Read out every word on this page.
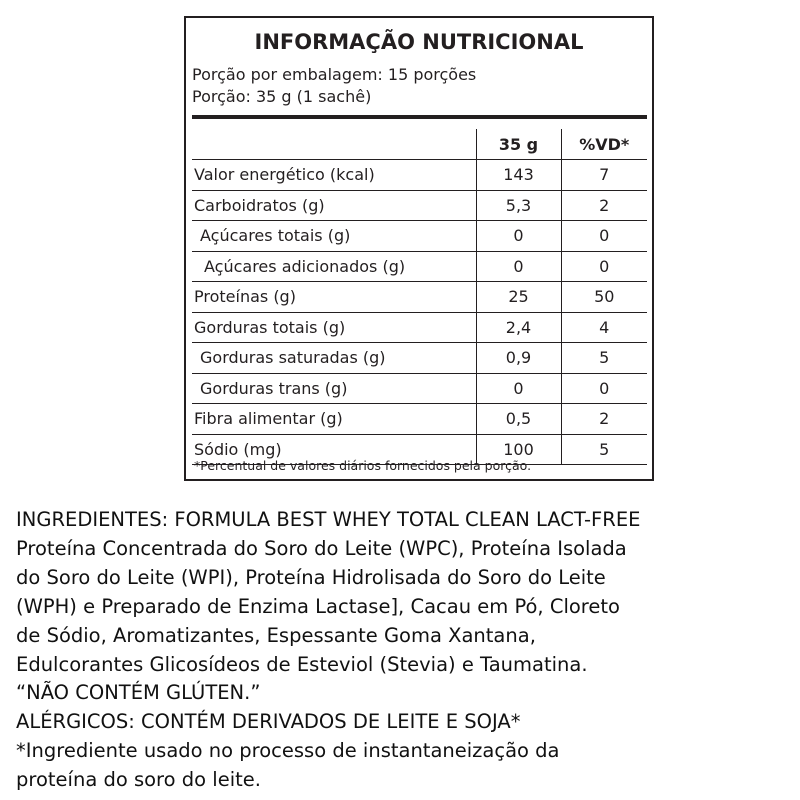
INFORMAÇÃO NUTRICIONAL
Porção por embalagem: 15 porções
Porção: 35 g (1 sachê)
	35 g	%VD*
Valor energético (kcal)	143	7
Carboidratos (g)	5,3	2
Açúcares totais (g)	0	0
Açúcares adicionados (g)	0	0
Proteínas (g)	25	50
Gorduras totais (g)	2,4	4
Gorduras saturadas (g)	0,9	5
Gorduras trans (g)	0	0
Fibra alimentar (g)	0,5	2
Sódio (mg)	100	5
*Percentual de valores diários fornecidos pela porção.
INGREDIENTES: FORMULA BEST WHEY TOTAL CLEAN LACT-FREE
Proteína Concentrada do Soro do Leite (WPC), Proteína Isolada
do Soro do Leite (WPI), Proteína Hidrolisada do Soro do Leite
(WPH) e Preparado de Enzima Lactase], Cacau em Pó, Cloreto
de Sódio, Aromatizantes, Espessante Goma Xantana,
Edulcorantes Glicosídeos de Esteviol (Stevia) e Taumatina.
“NÃO CONTÉM GLÚTEN.”
ALÉRGICOS: CONTÉM DERIVADOS DE LEITE E SOJA*
*Ingrediente usado no processo de instantaneização da
proteína do soro do leite.
